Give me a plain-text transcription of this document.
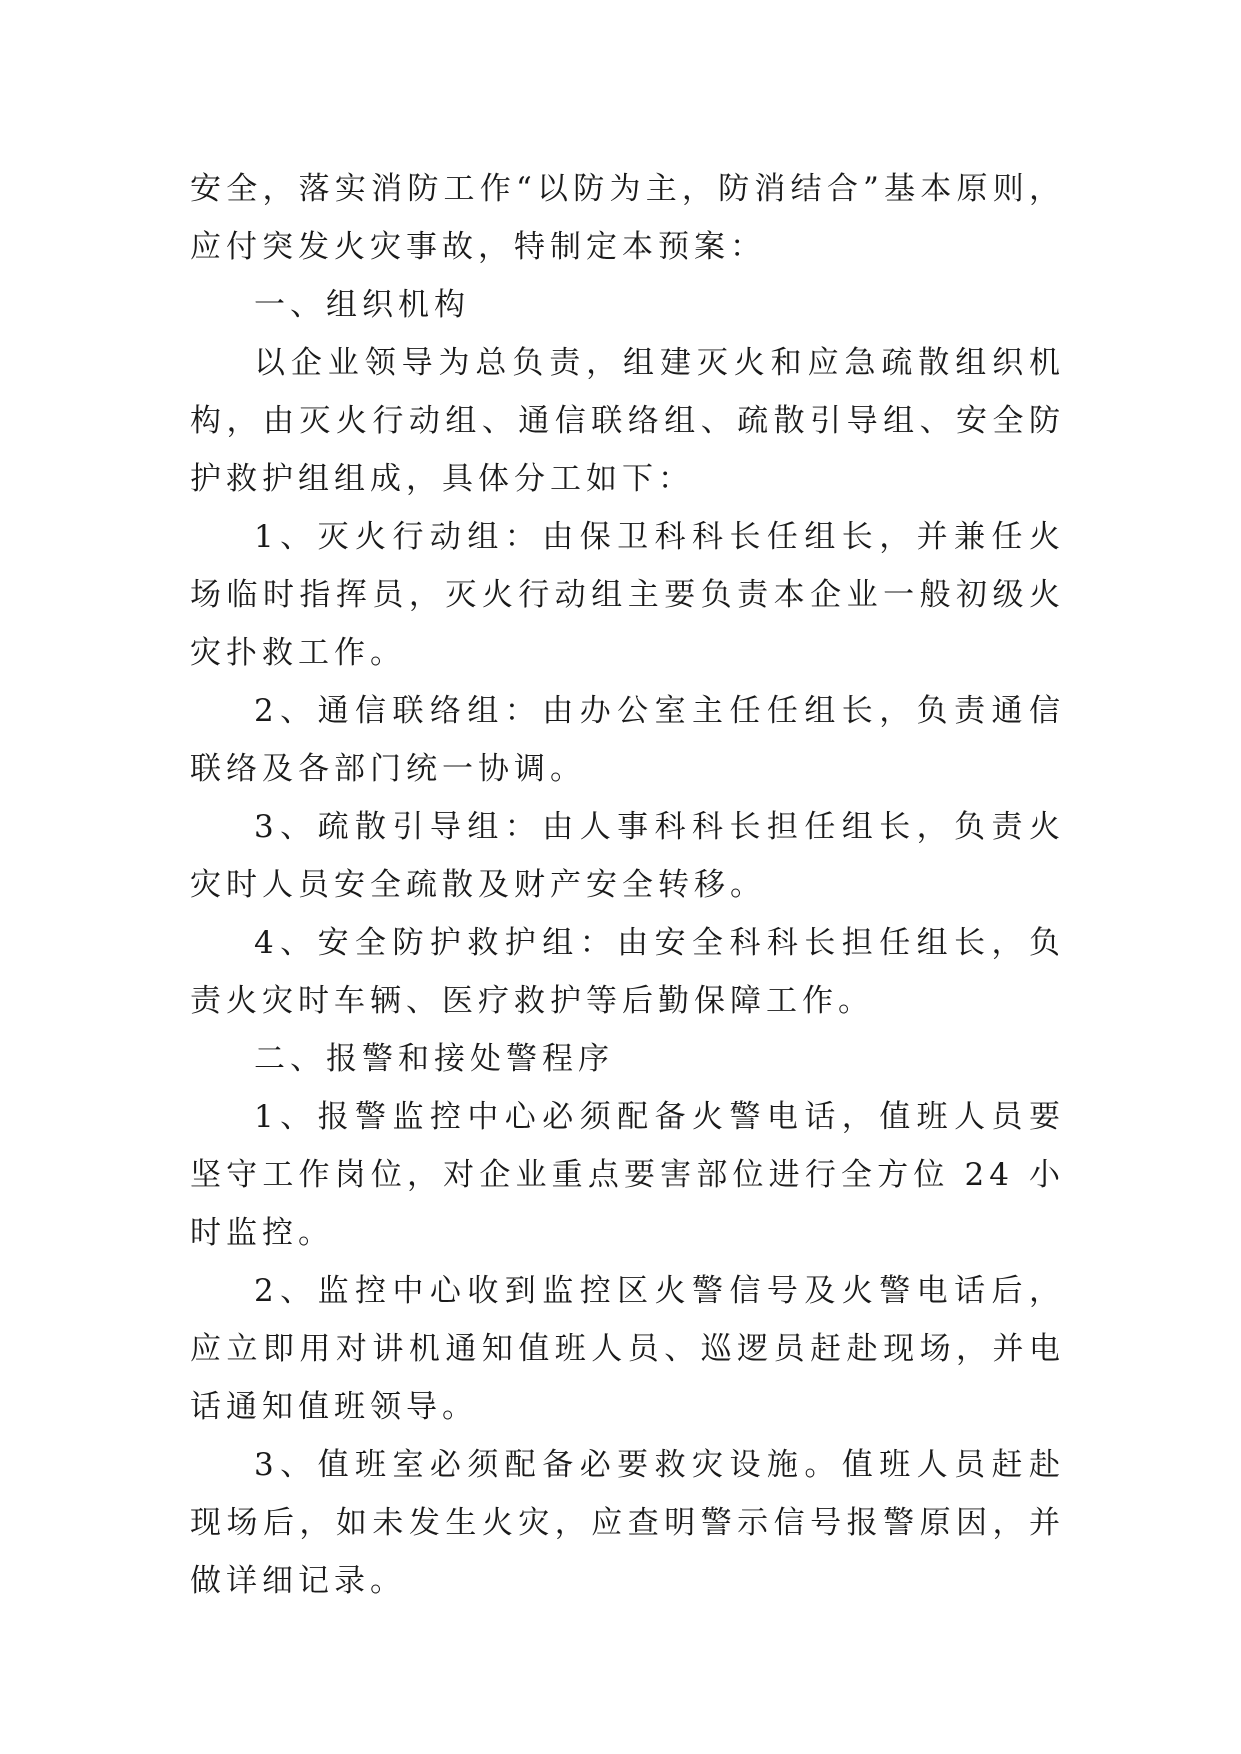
安全，落实消防工作“以防为主，防消结合”基本原则，应付突发火灾事故，特制定本预案：

一、组织机构

以企业领导为总负责，组建灭火和应急疏散组织机构，由灭火行动组、通信联络组、疏散引导组、安全防护救护组组成，具体分工如下：

1、灭火行动组：由保卫科科长任组长，并兼任火场临时指挥员，灭火行动组主要负责本企业一般初级火灾扑救工作。

2、通信联络组：由办公室主任任组长，负责通信联络及各部门统一协调。

3、疏散引导组：由人事科科长担任组长，负责火灾时人员安全疏散及财产安全转移。

4、安全防护救护组：由安全科科长担任组长，负责火灾时车辆、医疗救护等后勤保障工作。

二、报警和接处警程序

1、报警监控中心必须配备火警电话，值班人员要坚守工作岗位，对企业重点要害部位进行全方位 24 小时监控。

2、监控中心收到监控区火警信号及火警电话后，应立即用对讲机通知值班人员、巡逻员赶赴现场，并电话通知值班领导。

3、值班室必须配备必要救灾设施。值班人员赶赴现场后，如未发生火灾，应查明警示信号报警原因，并做详细记录。
